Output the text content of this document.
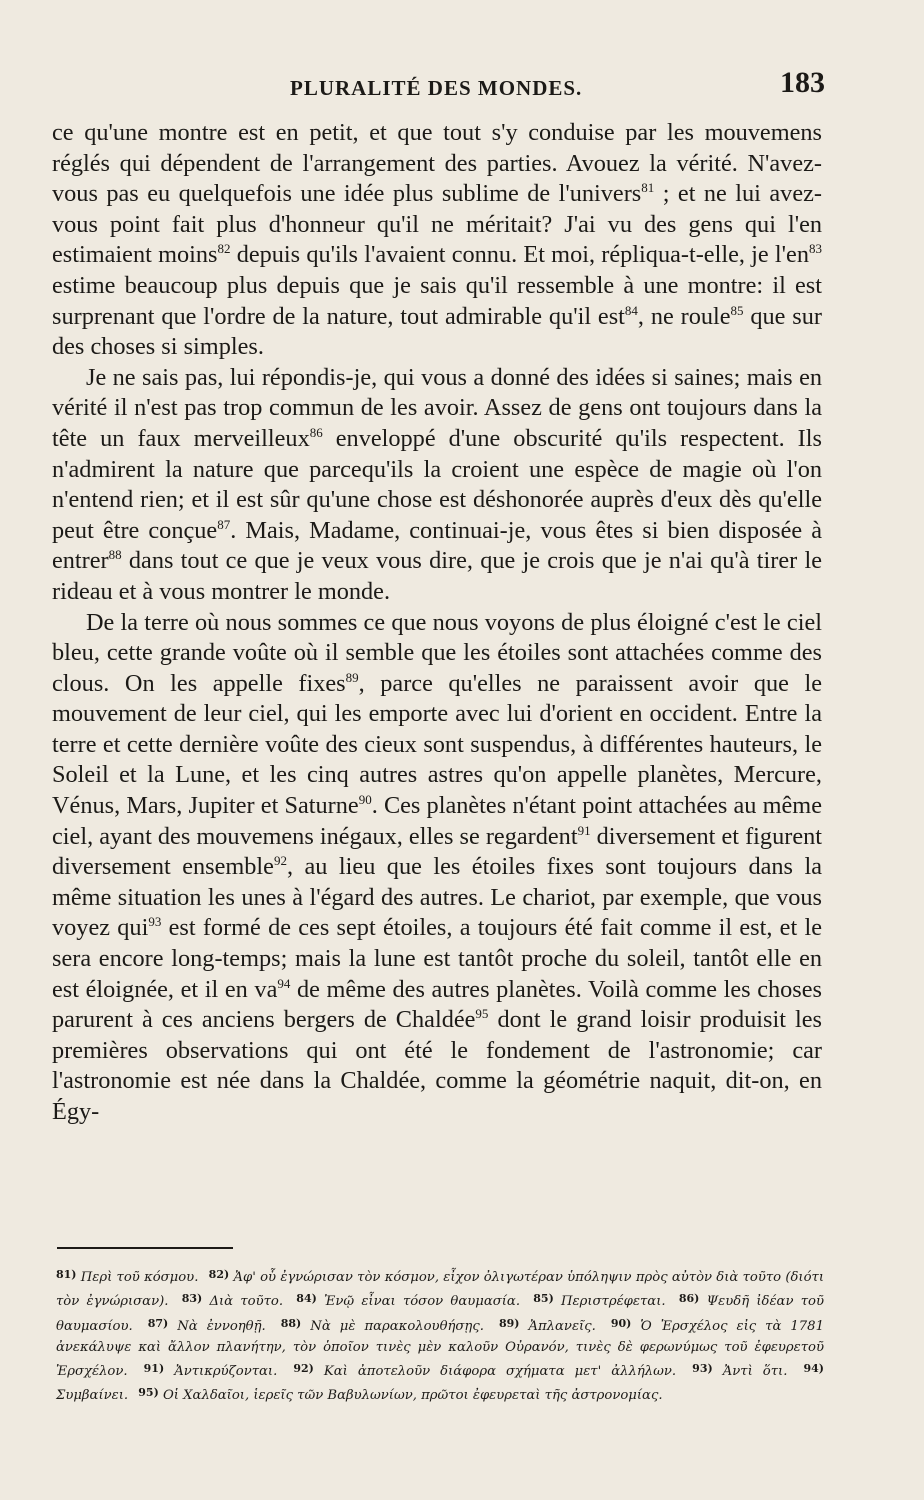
PLURALITÉ DES MONDES.	183

ce qu'une montre est en petit, et que tout s'y conduise par les mouvemens réglés qui dépendent de l'arrangement des parties. Avouez la vérité. N'avez-vous pas eu quelquefois une idée plus sublime de l'univers$^{81}$ ; et ne lui avez-vous point fait plus d'honneur qu'il ne méritait? J'ai vu des gens qui l'en estimaient moins$^{82}$ depuis qu'ils l'avaient connu. Et moi, répliqua-t-elle, je $l'en^{83}$ estime beaucoup plus depuis que je sais qu'il ressemble à une montre: il est surprenant que l'ordre de la nature, tout admirable qu'il est$^{84}$, ne roule$^{85}$ que sur des choses si simples.

Je ne sais pas, lui répondis-je, qui vous a donné des idées si saines; mais en vérité il n'est pas trop commun de les avoir. Assez de gens ont toujours dans la tête un faux merveilleux$^{86}$ enveloppé d'une obscurité qu'ils respectent. Ils n'admirent la nature que parcequ'ils la croient une espèce de magie où l'on n'entend rien; et il est sûr qu'une chose est déshonorée auprès d'eux dès qu'elle peut être conçue$^{87}$. Mais, Madame, continuai-je, vous êtes si bien disposée à entrer$^{88}$ dans tout ce que je veux vous dire, que je crois que je n'ai qu'à tirer le rideau et à vous montrer le monde.

De la terre où nous sommes ce que nous voyons de plus éloigné c'est le ciel bleu, cette grande voûte où il semble que les étoiles sont attachées comme des clous. On les appelle fixes$^{89}$, parce qu'elles ne paraissent avoir que le mouvement de leur ciel, qui les emporte avec lui d'orient en occident. Entre la terre et cette dernière voûte des cieux sont suspendus, à différentes hauteurs, le Soleil et la Lune, et les cinq autres astres qu'on appelle planètes, Mercure, Vénus, Mars, Jupiter et Saturne$^{90}$. Ces planètes n'étant point attachées au même ciel, ayant des mouvemens inégaux, elles se regardent$^{91}$ diversement et figurent diversement ensemble$^{92}$, au lieu que les étoiles fixes sont toujours dans la même situation les unes à l'égard des autres. Le chariot, par exemple, que vous voyez qui$^{93}$ est formé de ces sept étoiles, a toujours été fait comme il est, et le sera encore long-temps; mais la lune est tantôt proche du soleil, tantôt elle en est éloignée, et il en $va^{94}$ de même des autres planètes. Voilà comme les choses parurent à ces anciens bergers de Chaldée$^{95}$ dont le grand loisir produisit les premières observations qui ont été le fondement de l'astronomie; car l'astronomie est née dans la Chaldée, comme la géométrie naquit, dit-on, en Égy-

$^{81)}$ Περὶ τοῦ κόσμου. $^{82)}$ Ἀφ' οὗ ἐγνώρισαν τὸν κόσμον, εἶχον ὀλιγωτέραν ὑπόληψιν πρὸς αὐτὸν διὰ τοῦτο (διότι τὸν ἐγνώρισαν). $^{83)}$ Διὰ τοῦτο. $^{84)}$ Ἐνῷ εἶναι τόσον θαυμασία. $^{85)}$ Περιστρέφεται. $^{86)}$ Ψευδῆ ἰδέαν τοῦ θαυμασίου. $^{87)}$ Νὰ ἐννοηθῇ. $^{88)}$ Νὰ μὲ παρακολουθήσῃς. $^{89)}$ Ἀπλανεῖς. $^{90)}$ Ὁ Ἐρσχέλος εἰς τὰ 1781 ἀνεκάλυψε καὶ ἄλλον πλανήτην, τὸν ὁποῖον τινὲς μὲν καλοῦν Οὐρανόν, τινὲς δὲ φερωνύμως τοῦ ἐφευρετοῦ Ἐρσχέλον. $^{91)}$ Ἀντικρύζονται. $^{92)}$ Καὶ ἀποτελοῦν διάφορα σχήματα μετ' ἀλλήλων. $^{93)}$ Ἀντὶ ὅτι. $^{94)}$ Συμβαίνει. $^{95)}$ Οἱ Χαλδαῖοι, ἱερεῖς τῶν Βαβυλωνίων, πρῶτοι ἐφευρεταὶ τῆς ἀστρονομίας.
